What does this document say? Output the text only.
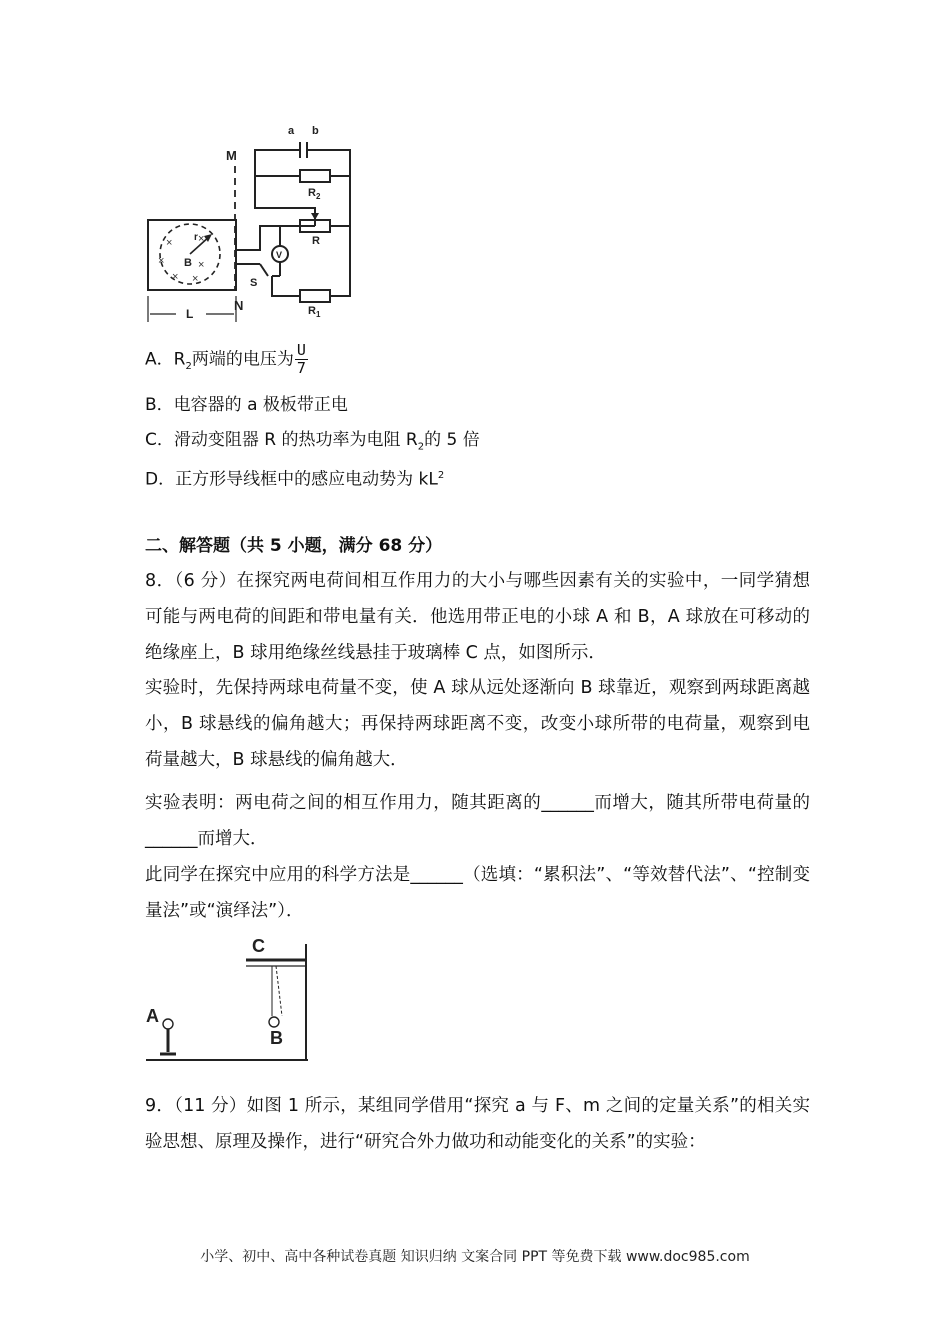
a b
M
N
$R_2$
R
$R_1$
V
S
L
r
B
× ×
×	×
× ×
A．$R_2$两端的电压为 $\frac{U}{7}$
B．电容器的 a 极板带正电
C．滑动变阻器 R 的热功率为电阻 $R_2$的 5 倍
D．正方形导线框中的感应电动势为 $kL^2$
二、解答题（共 5 小题，满分 68 分）
8．（6 分）在探究两电荷间相互作用力的大小与哪些因素有关的实验中，一同学猜想可能与两电荷的间距和带电量有关．他选用带正电的小球 A 和 B，A 球放在可移动的绝缘座上，B 球用绝缘丝线悬挂于玻璃棒 C 点，如图所示．
实验时，先保持两球电荷量不变，使 A 球从远处逐渐向 B 球靠近，观察到两球距离越小，B 球悬线的偏角越大；再保持两球距离不变，改变小球所带的电荷量，观察到电荷量越大，B 球悬线的偏角越大．
实验表明：两电荷之间的相互作用力，随其距离的______而增大，随其所带电荷量的______而增大．
此同学在探究中应用的科学方法是______（选填：“累积法”、“等效替代法”、“控制变量法”或“演绎法”）．
C
A
B
9．（11 分）如图 1 所示，某组同学借用“探究 a 与 F、m 之间的定量关系”的相关实验思想、原理及操作，进行“研究合外力做功和动能变化的关系”的实验：
小学、初中、高中各种试卷真题 知识归纳 文案合同 PPT 等免费下载 www.doc985.com
